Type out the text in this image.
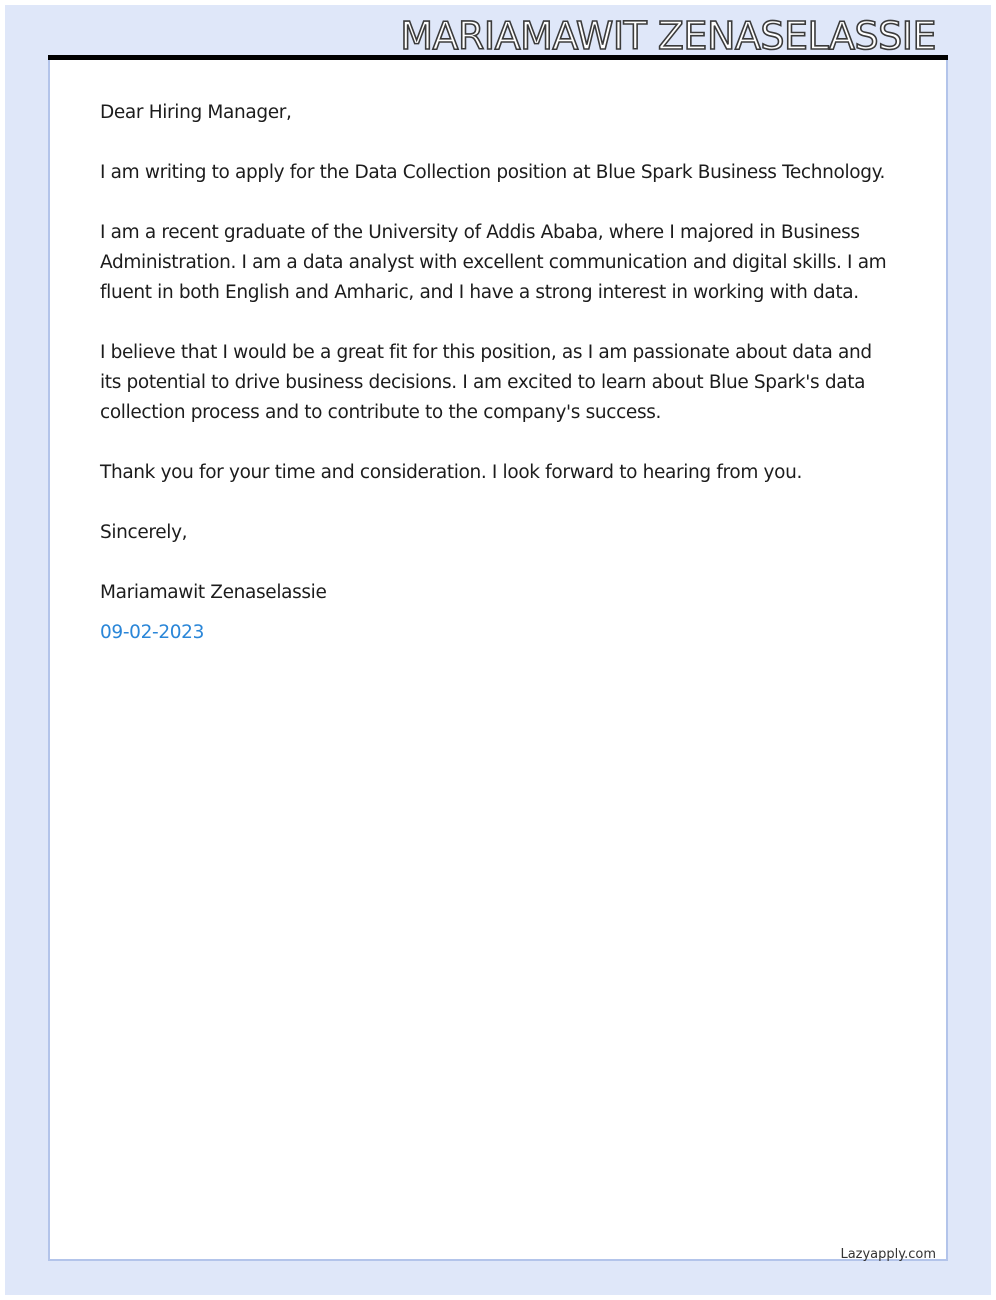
MARIAMAWIT ZENASELASSIE

Dear Hiring Manager,

I am writing to apply for the Data Collection position at Blue Spark Business Technology.

I am a recent graduate of the University of Addis Ababa, where I majored in Business Administration. I am a data analyst with excellent communication and digital skills. I am fluent in both English and Amharic, and I have a strong interest in working with data.

I believe that I would be a great fit for this position, as I am passionate about data and its potential to drive business decisions. I am excited to learn about Blue Spark's data collection process and to contribute to the company's success.

Thank you for your time and consideration. I look forward to hearing from you.

Sincerely,

Mariamawit Zenaselassie

09-02-2023

Lazyapply.com
